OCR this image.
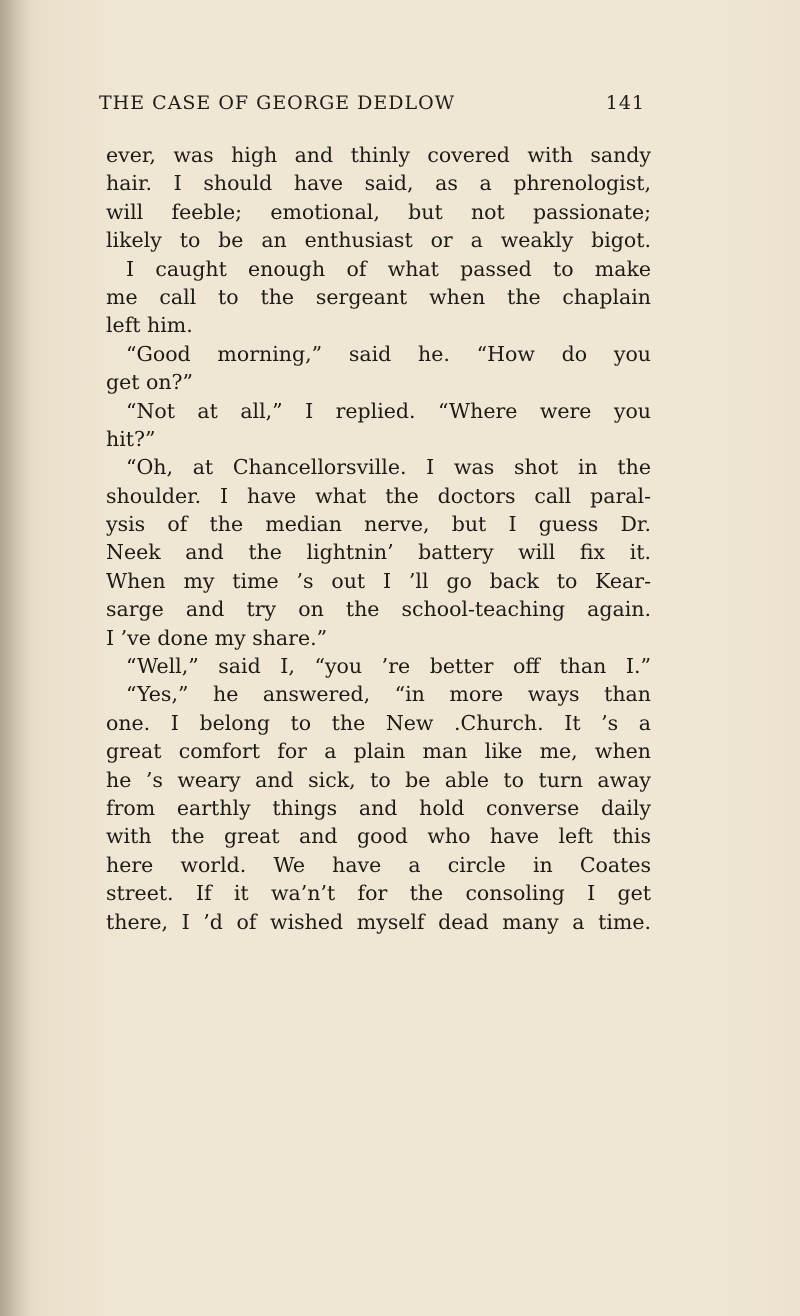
THE CASE OF GEORGE DEDLOW	141
ever, was high and thinly covered with sandy
hair. I should have said, as a phrenologist,
will feeble; emotional, but not passionate;
likely to be an enthusiast or a weakly bigot.
I caught enough of what passed to make
me call to the sergeant when the chaplain
left him.
“Good morning,” said he. “How do you
get on?”
“Not at all,” I replied. “Where were you
hit?”
“Oh, at Chancellorsville. I was shot in the
shoulder. I have what the doctors call paral-
ysis of the median nerve, but I guess Dr.
Neek and the lightnin’ battery will fix it.
When my time ’s out I ’ll go back to Kear-
sarge and try on the school-teaching again.
I ’ve done my share.”
“Well,” said I, “you ’re better off than I.”
“Yes,” he answered, “in more ways than
one. I belong to the New .Church. It ’s a
great comfort for a plain man like me, when
he ’s weary and sick, to be able to turn away
from earthly things and hold converse daily
with the great and good who have left this
here world. We have a circle in Coates
street. If it wa’n’t for the consoling I get
there, I ’d of wished myself dead many a time.
